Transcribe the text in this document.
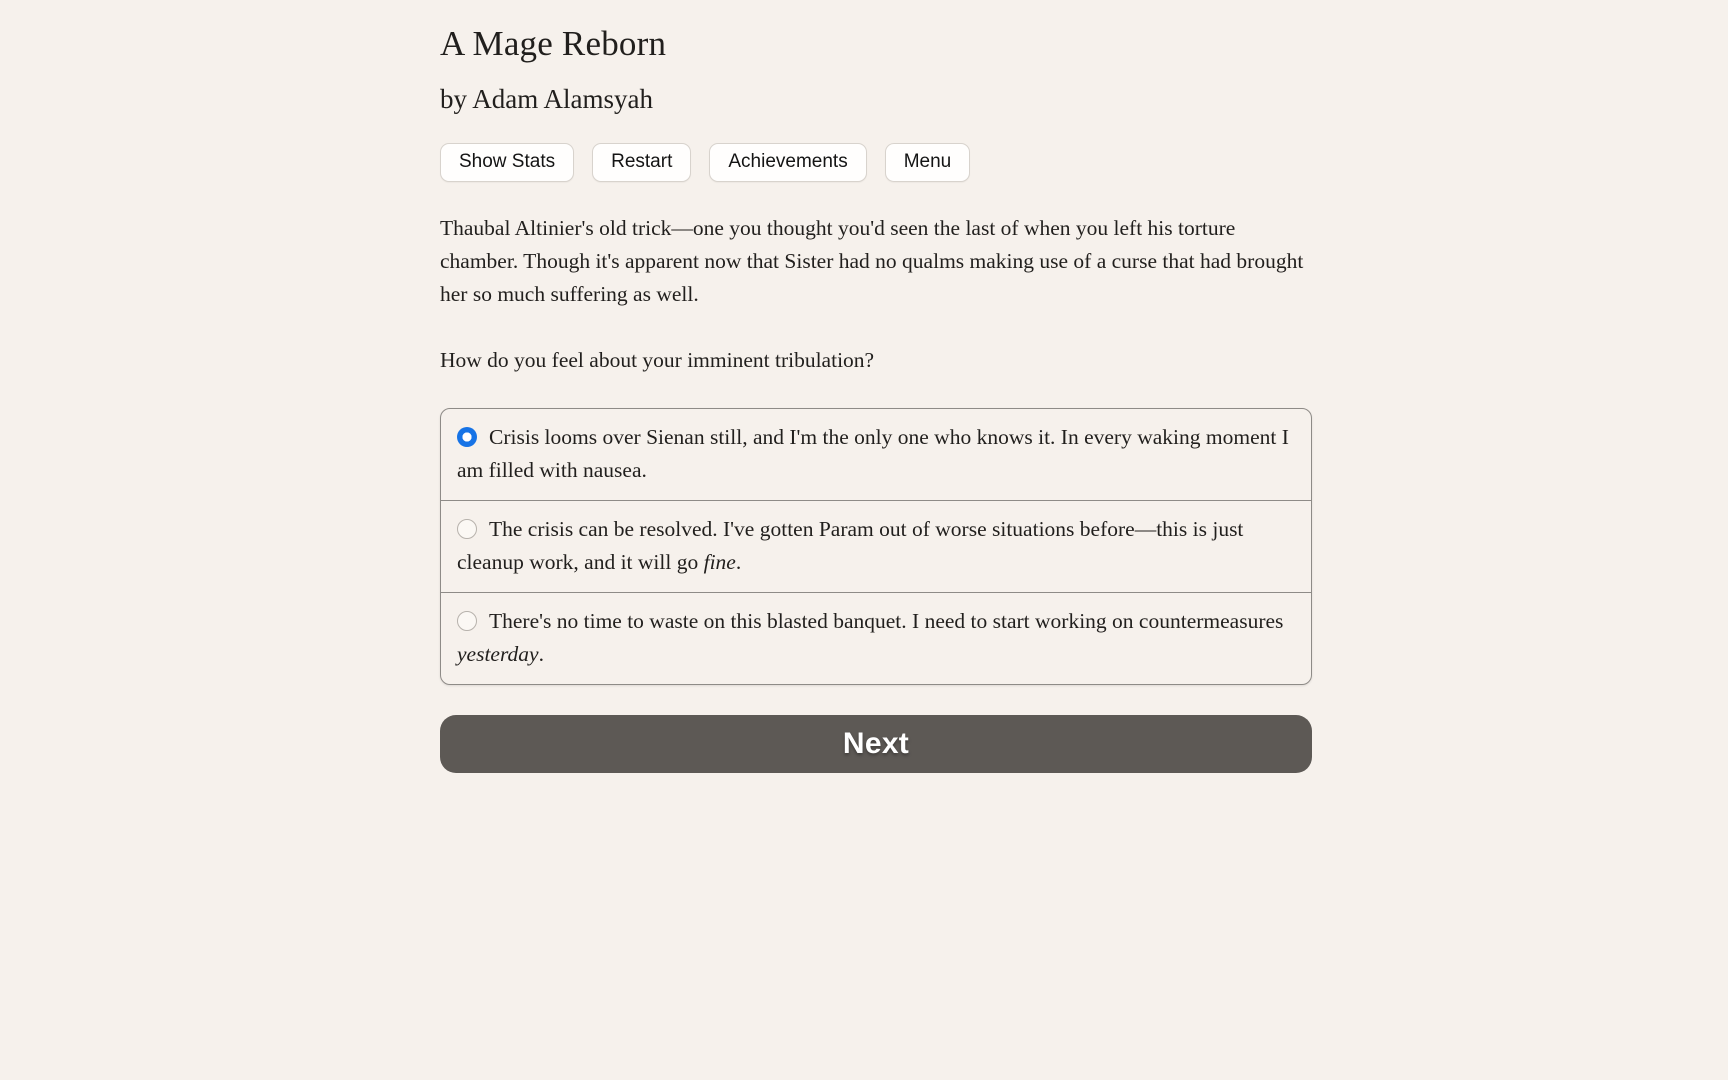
A Mage Reborn

by Adam Alamsyah

Show Stats	Restart	Achievements	Menu

Thaubal Altinier's old trick—one you thought you'd seen the last of when you left his torture chamber. Though it's apparent now that Sister had no qualms making use of a curse that had brought her so much suffering as well.

How do you feel about your imminent tribulation?

Crisis looms over Sienan still, and I'm the only one who knows it. In every waking moment I am filled with nausea.
The crisis can be resolved. I've gotten Param out of worse situations before—this is just cleanup work, and it will go fine.
There's no time to waste on this blasted banquet. I need to start working on countermeasures yesterday.
Next
